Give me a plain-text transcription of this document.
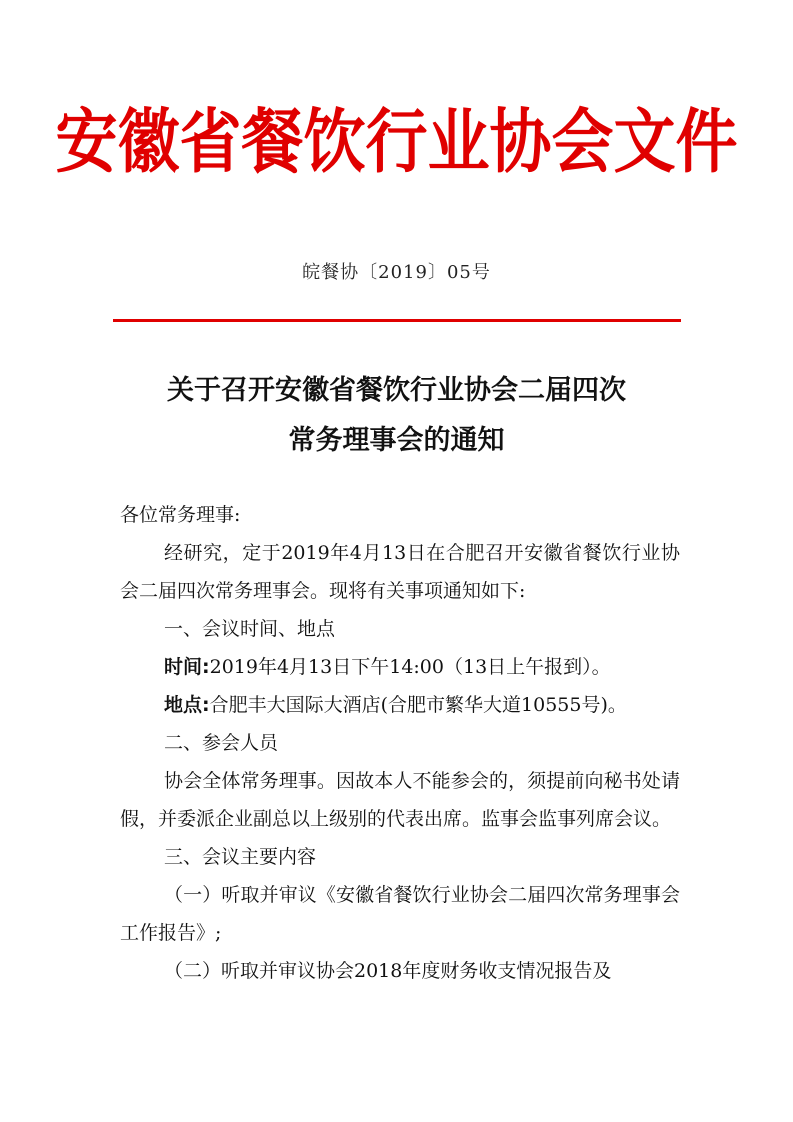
安徽省餐饮行业协会文件
皖餐协〔2019〕05号
关于召开安徽省餐饮行业协会二届四次
常务理事会的通知

各位常务理事:

经研究，定于2019年4月13日在合肥召开安徽省餐饮行业协会二届四次常务理事会。现将有关事项通知如下:

一、会议时间、地点

时间:2019年4月13日下午14:00（13日上午报到）。

地点:合肥丰大国际大酒店(合肥市繁华大道10555号)。

二、参会人员

协会全体常务理事。因故本人不能参会的，须提前向秘书处请假，并委派企业副总以上级别的代表出席。监事会监事列席会议。

三、会议主要内容

（一）听取并审议《安徽省餐饮行业协会二届四次常务理事会工作报告》;

（二）听取并审议协会2018年度财务收支情况报告及
